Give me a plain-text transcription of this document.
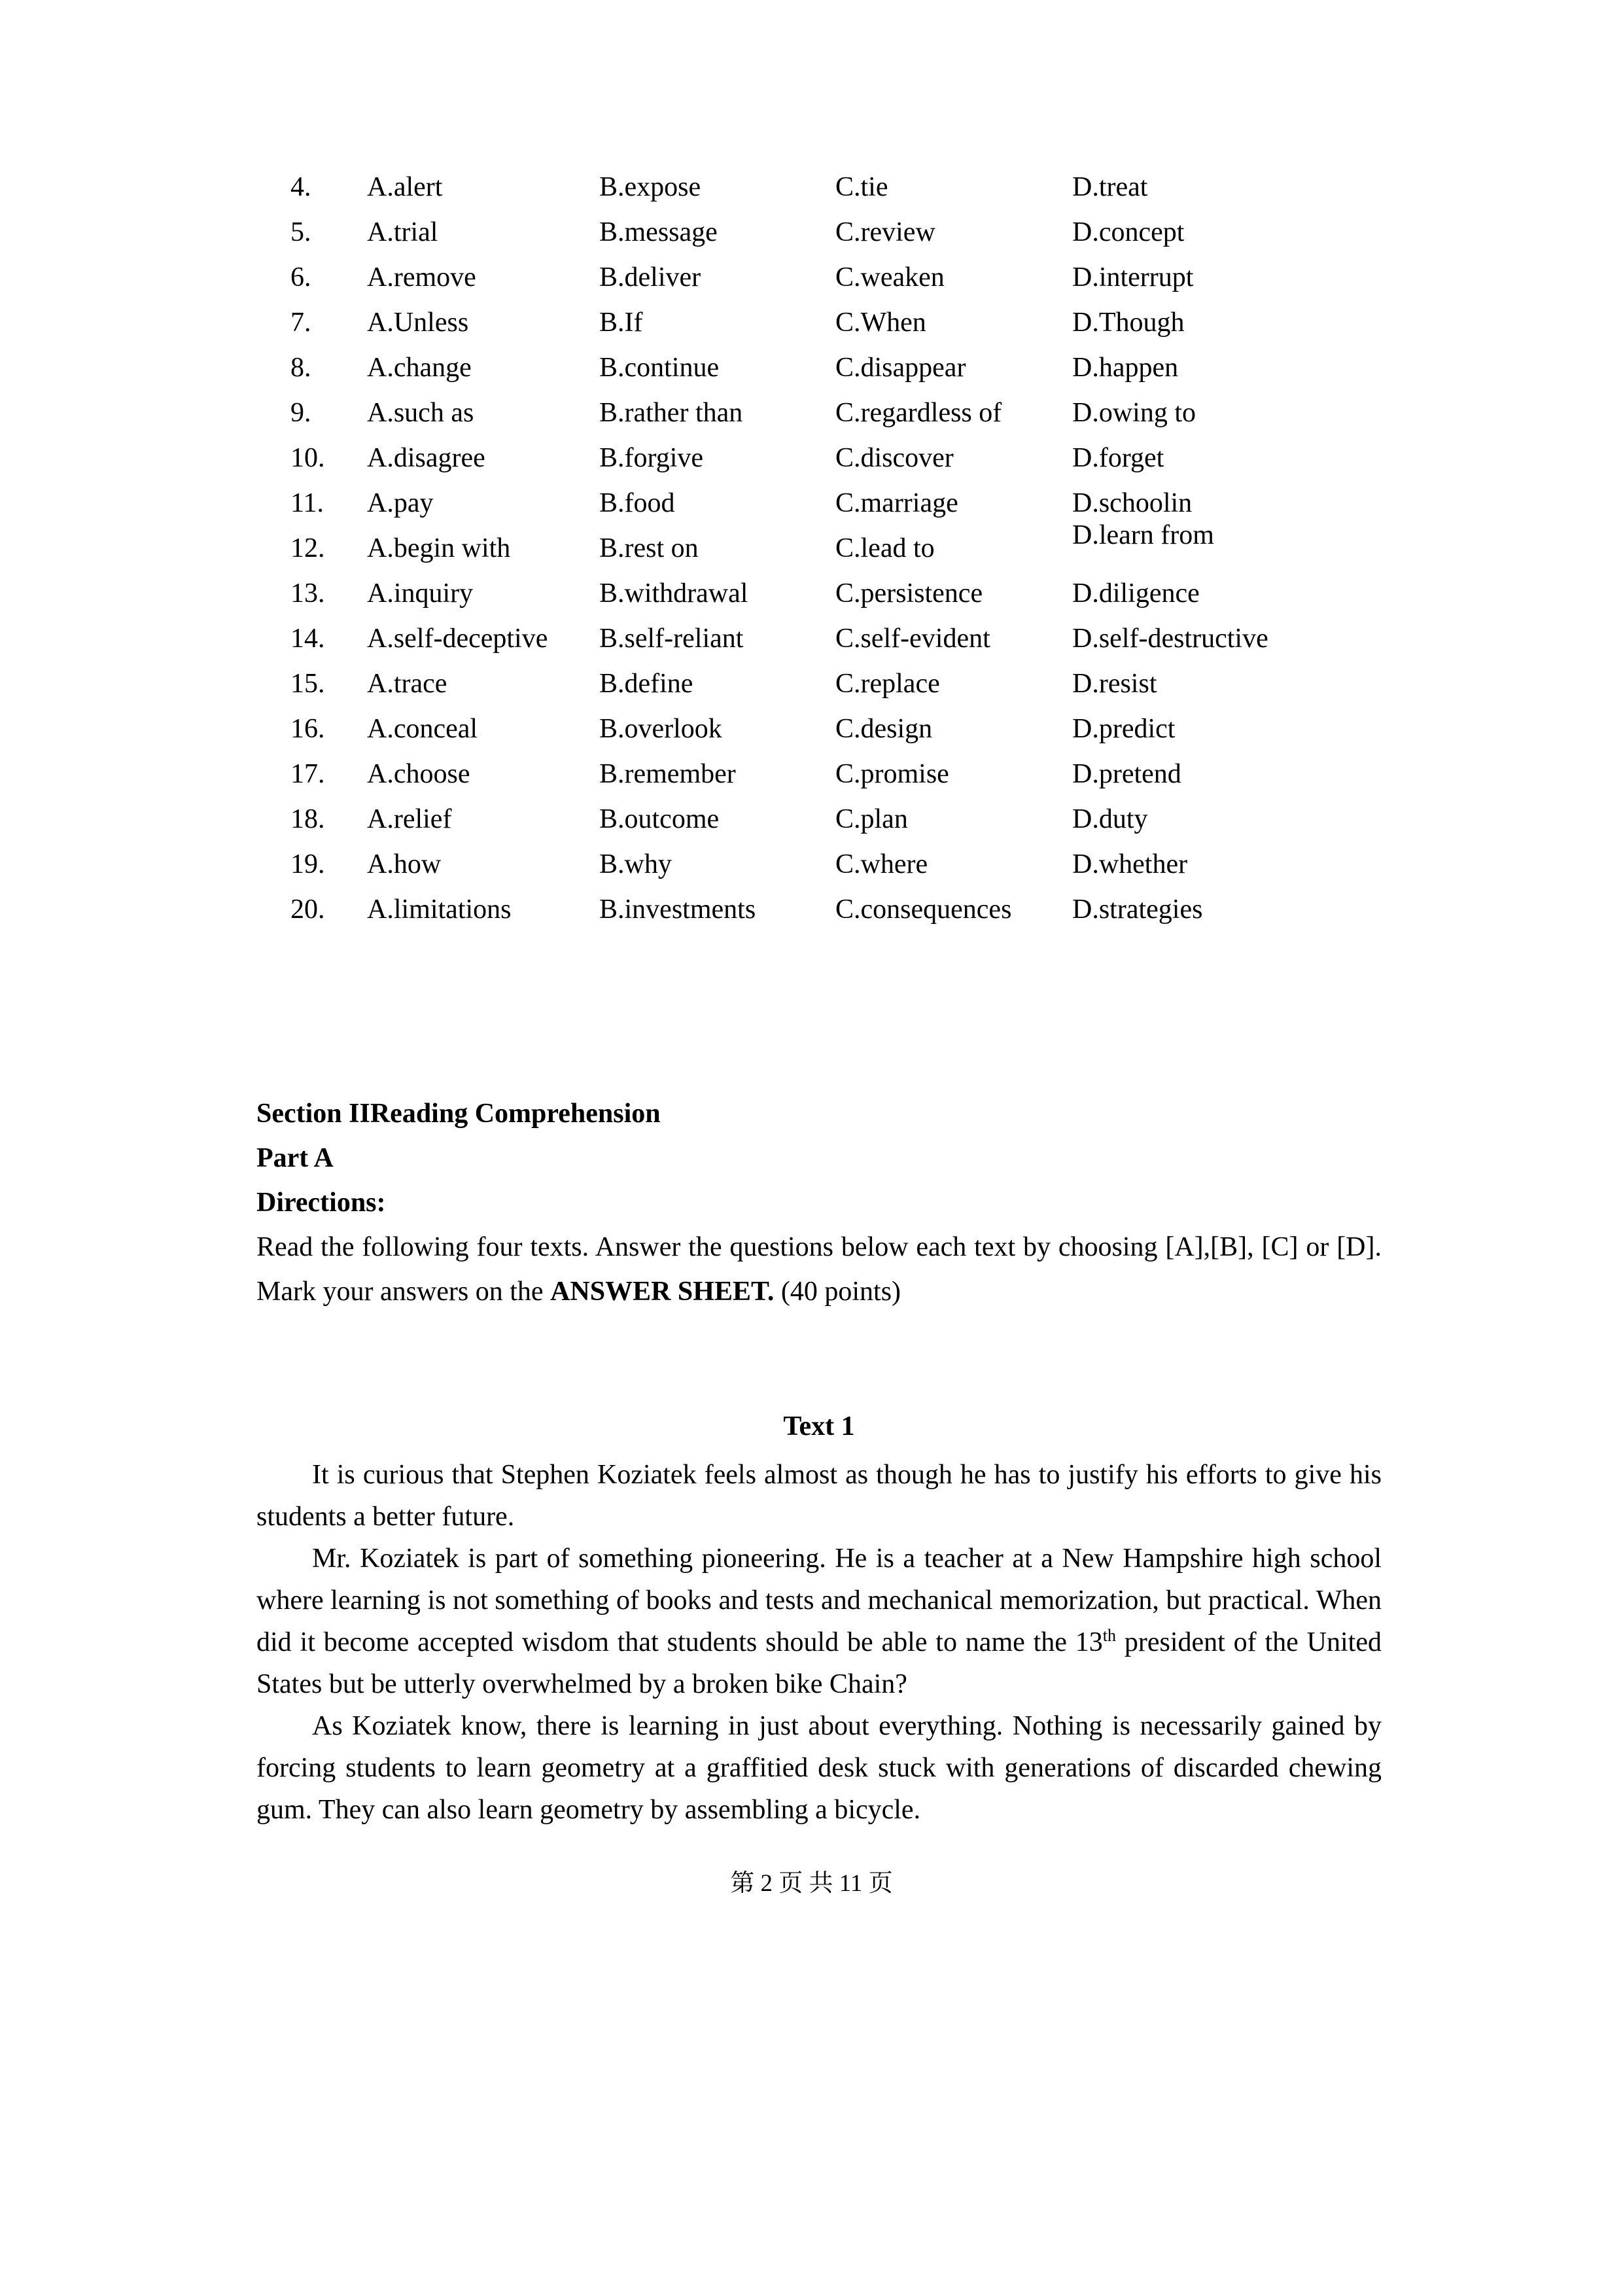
4.	A.alert	B.expose	C.tie	D.treat
5.	A.trial	B.message	C.review	D.concept
6.	A.remove	B.deliver	C.weaken	D.interrupt
7.	A.Unless	B.If	C.When	D.Though
8.	A.change	B.continue	C.disappear	D.happen
9.	A.such as	B.rather than	C.regardless of	D.owing to
10.	A.disagree	B.forgive	C.discover	D.forget
11.	A.pay	B.food	C.marriage	D.schoolin
12.	A.begin with	B.rest on	C.lead to	D.learn from
13.	A.inquiry	B.withdrawal	C.persistence	D.diligence
14.	A.self-deceptive	B.self-reliant	C.self-evident	D.self-destructive
15.	A.trace	B.define	C.replace	D.resist
16.	A.conceal	B.overlook	C.design	D.predict
17.	A.choose	B.remember	C.promise	D.pretend
18.	A.relief	B.outcome	C.plan	D.duty
19.	A.how	B.why	C.where	D.whether
20.	A.limitations	B.investments	C.consequences	D.strategies
Section IIReading Comprehension
Part A
Directions:

Read the following four texts. Answer the questions below each text by choosing [A],[B], [C] or [D]. Mark your answers on the ANSWER SHEET. (40 points)

Text 1

It is curious that Stephen Koziatek feels almost as though he has to justify his efforts to give his students a better future.

Mr. Koziatek is part of something pioneering. He is a teacher at a New Hampshire high school where learning is not something of books and tests and mechanical memorization, but practical. When did it become accepted wisdom that students should be able to name the 13th president of the United States but be utterly overwhelmed by a broken bike Chain?

As Koziatek know, there is learning in just about everything. Nothing is necessarily gained by forcing students to learn geometry at a graffitied desk stuck with generations of discarded chewing gum. They can also learn geometry by assembling a bicycle.

第 2 页 共 11 页
